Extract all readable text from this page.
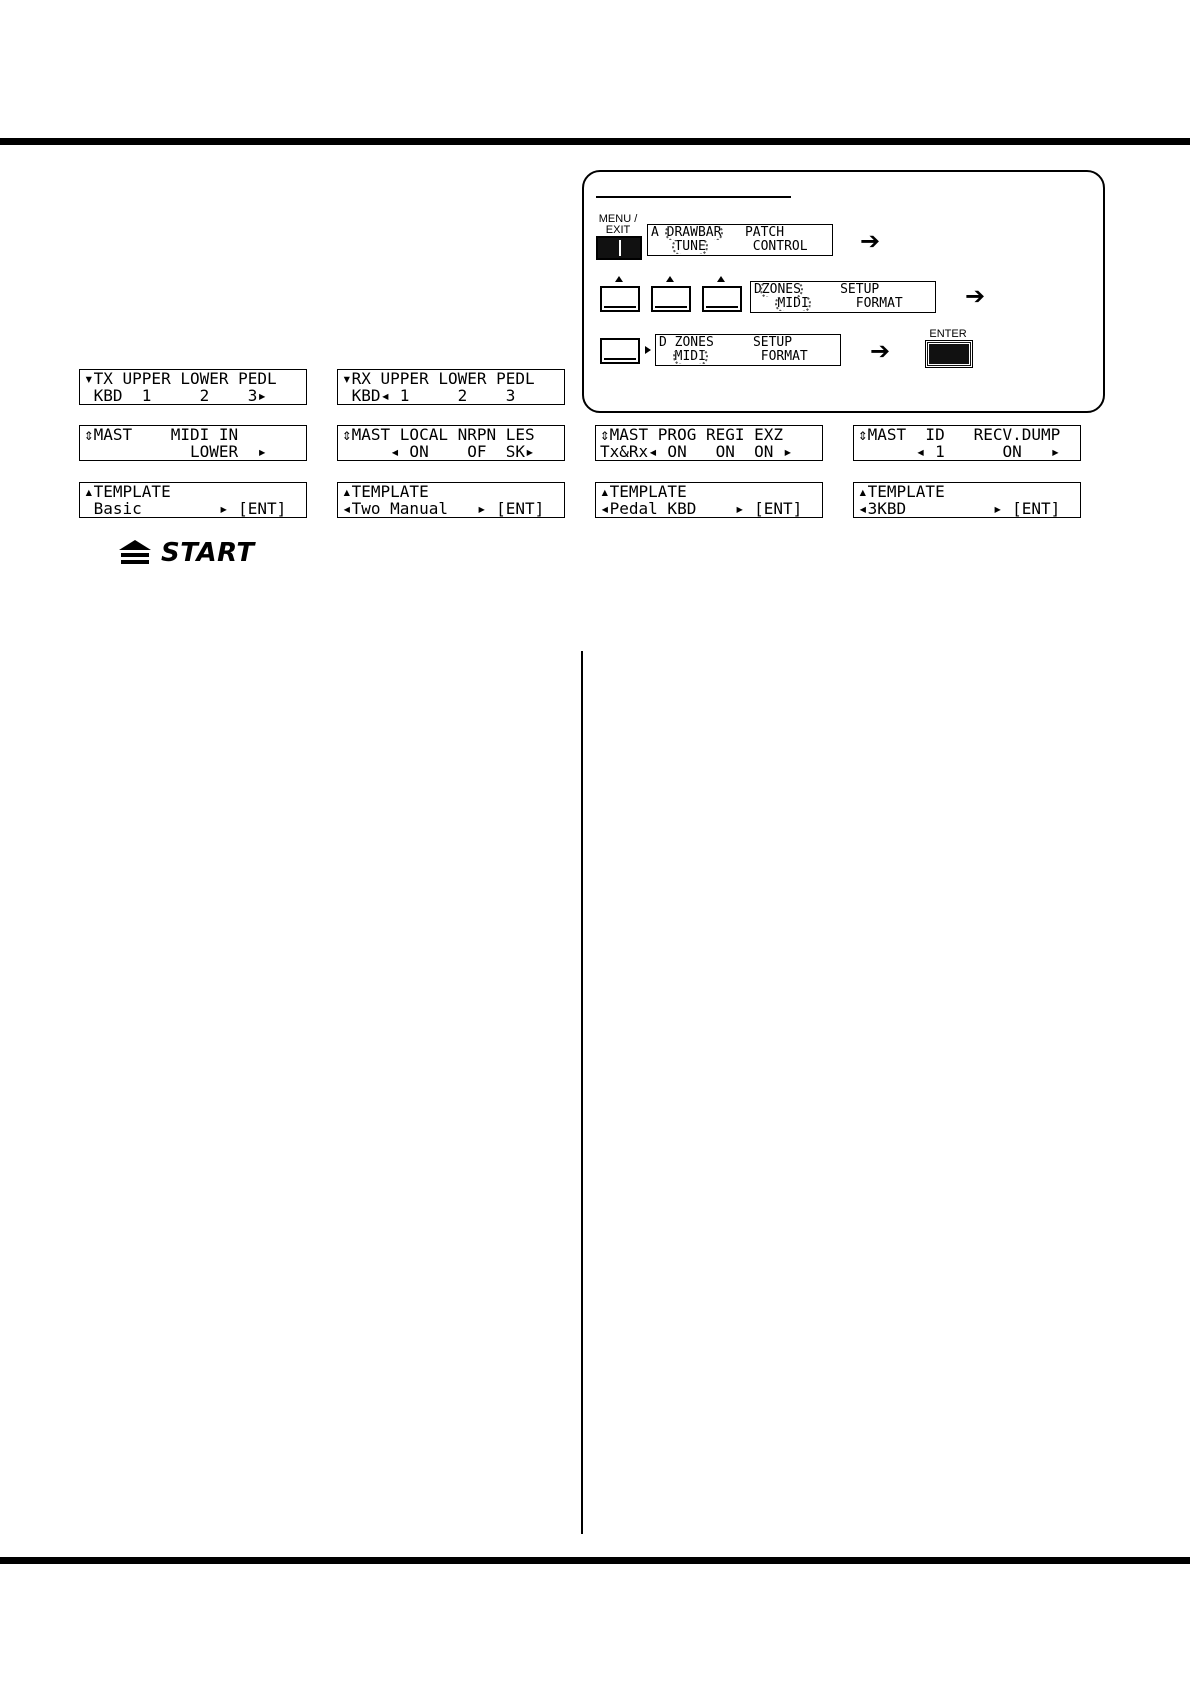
MENU /
EXIT	A DRAWBAR PATCH
TUNE	CONTROL	➔
DZONES	SETUP
MIDI	FORMAT	➔
D ZONES	SETUP
MIDI	FORMAT	➔
ENTER
▾TX UPPER LOWER PEDL
KBD  1     2    3▸
▾RX UPPER LOWER PEDL
KBD◂ 1     2    3
⇕MAST    MIDI IN
LOWER  ▸
⇕MAST LOCAL NRPN LES
◂ ON    OF  SK▸
⇕MAST PROG REGI EXZ
Tx&Rx◂ ON   ON  ON ▸
⇕MAST  ID   RECV.DUMP
◂ 1      ON   ▸
▴TEMPLATE
Basic        ▸ [ENT]
▴TEMPLATE
◂Two Manual   ▸ [ENT]
▴TEMPLATE
◂Pedal KBD    ▸ [ENT]
▴TEMPLATE
◂3KBD         ▸ [ENT]
START
